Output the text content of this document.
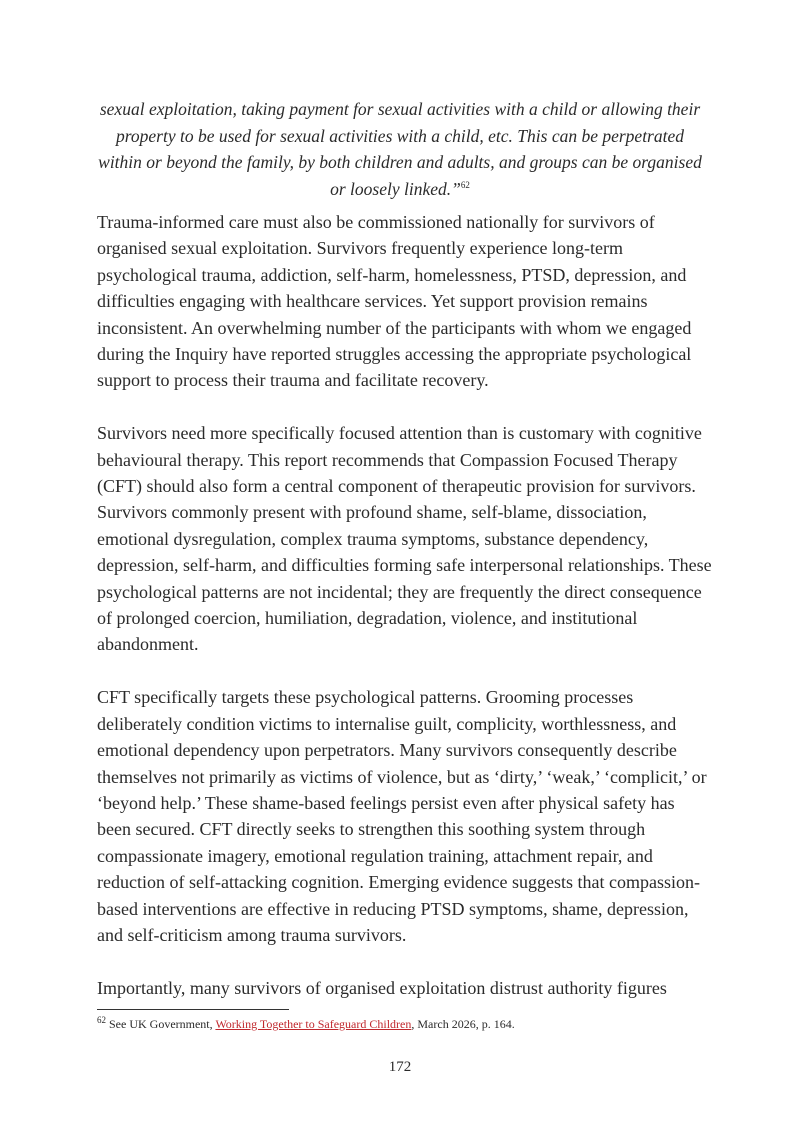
sexual exploitation, taking payment for sexual activities with a child or allowing their property to be used for sexual activities with a child, etc. This can be perpetrated within or beyond the family, by both children and adults, and groups can be organised or loosely linked.”$^{62}$

Trauma-informed care must also be commissioned nationally for survivors of organised sexual exploitation. Survivors frequently experience long-term psychological trauma, addiction, self-harm, homelessness, PTSD, depression, and difficulties engaging with healthcare services. Yet support provision remains inconsistent. An overwhelming number of the participants with whom we engaged during the Inquiry have reported struggles accessing the appropriate psychological support to process their trauma and facilitate recovery.

Survivors need more specifically focused attention than is customary with cognitive behavioural therapy. This report recommends that Compassion Focused Therapy (CFT) should also form a central component of therapeutic provision for survivors. Survivors commonly present with profound shame, self-blame, dissociation, emotional dysregulation, complex trauma symptoms, substance dependency, depression, self-harm, and difficulties forming safe interpersonal relationships. These psychological patterns are not incidental; they are frequently the direct consequence of prolonged coercion, humiliation, degradation, violence, and institutional abandonment.

CFT specifically targets these psychological patterns. Grooming processes deliberately condition victims to internalise guilt, complicity, worthlessness, and emotional dependency upon perpetrators. Many survivors consequently describe themselves not primarily as victims of violence, but as ‘dirty,’ ‘weak,’ ‘complicit,’ or ‘beyond help.’ These shame-based feelings persist even after physical safety has been secured. CFT directly seeks to strengthen this soothing system through compassionate imagery, emotional regulation training, attachment repair, and reduction of self-attacking cognition. Emerging evidence suggests that compassion-based interventions are effective in reducing PTSD symptoms, shame, depression, and self-criticism among trauma survivors.

Importantly, many survivors of organised exploitation distrust authority figures

$^{62}$ See UK Government, Working Together to Safeguard Children, March 2026, p. 164.
172
